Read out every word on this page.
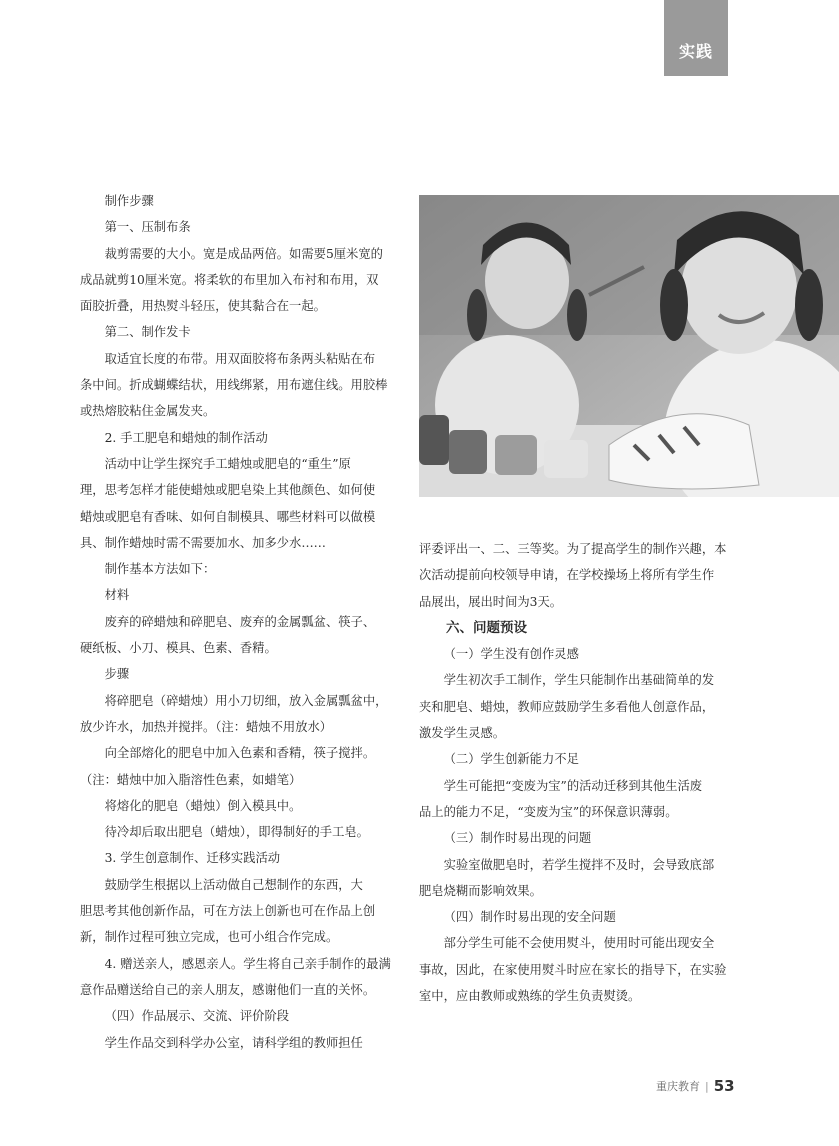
实践

制作步骤

第一、压制布条

裁剪需要的大小。宽是成品两倍。如需要5厘米宽的

成品就剪10厘米宽。将柔软的布里加入布衬和布用，双

面胶折叠，用热熨斗轻压，使其黏合在一起。

第二、制作发卡

取适宜长度的布带。用双面胶将布条两头粘贴在布

条中间。折成蝴蝶结状，用线绑紧，用布遮住线。用胶棒

或热熔胶粘住金属发夹。

2. 手工肥皂和蜡烛的制作活动

活动中让学生探究手工蜡烛或肥皂的“重生”原

理，思考怎样才能使蜡烛或肥皂染上其他颜色、如何使

蜡烛或肥皂有香味、如何自制模具、哪些材料可以做模

具、制作蜡烛时需不需要加水、加多少水……

制作基本方法如下：

材料

废弃的碎蜡烛和碎肥皂、废弃的金属瓢盆、筷子、

硬纸板、小刀、模具、色素、香精。

步骤

将碎肥皂（碎蜡烛）用小刀切细，放入金属瓢盆中，

放少许水，加热并搅拌。（注：蜡烛不用放水）

向全部熔化的肥皂中加入色素和香精，筷子搅拌。

（注：蜡烛中加入脂溶性色素，如蜡笔）

将熔化的肥皂（蜡烛）倒入模具中。

待冷却后取出肥皂（蜡烛），即得制好的手工皂。

3. 学生创意制作、迁移实践活动

鼓励学生根据以上活动做自己想制作的东西，大

胆思考其他创新作品，可在方法上创新也可在作品上创

新，制作过程可独立完成，也可小组合作完成。

4. 赠送亲人，感恩亲人。学生将自己亲手制作的最满

意作品赠送给自己的亲人朋友，感谢他们一直的关怀。

（四）作品展示、交流、评价阶段

学生作品交到科学办公室，请科学组的教师担任

评委评出一、二、三等奖。为了提高学生的制作兴趣，本

次活动提前向校领导申请，在学校操场上将所有学生作

品展出，展出时间为3天。

六、问题预设

（一）学生没有创作灵感

学生初次手工制作，学生只能制作出基础简单的发

夹和肥皂、蜡烛，教师应鼓励学生多看他人创意作品，

激发学生灵感。

（二）学生创新能力不足

学生可能把“变废为宝”的活动迁移到其他生活废

品上的能力不足，“变废为宝”的环保意识薄弱。

（三）制作时易出现的问题

实验室做肥皂时，若学生搅拌不及时，会导致底部

肥皂烧糊而影响效果。

（四）制作时易出现的安全问题

部分学生可能不会使用熨斗，使用时可能出现安全

事故，因此，在家使用熨斗时应在家长的指导下，在实验

室中，应由教师或熟练的学生负责熨烫。

重庆教育 | 53
